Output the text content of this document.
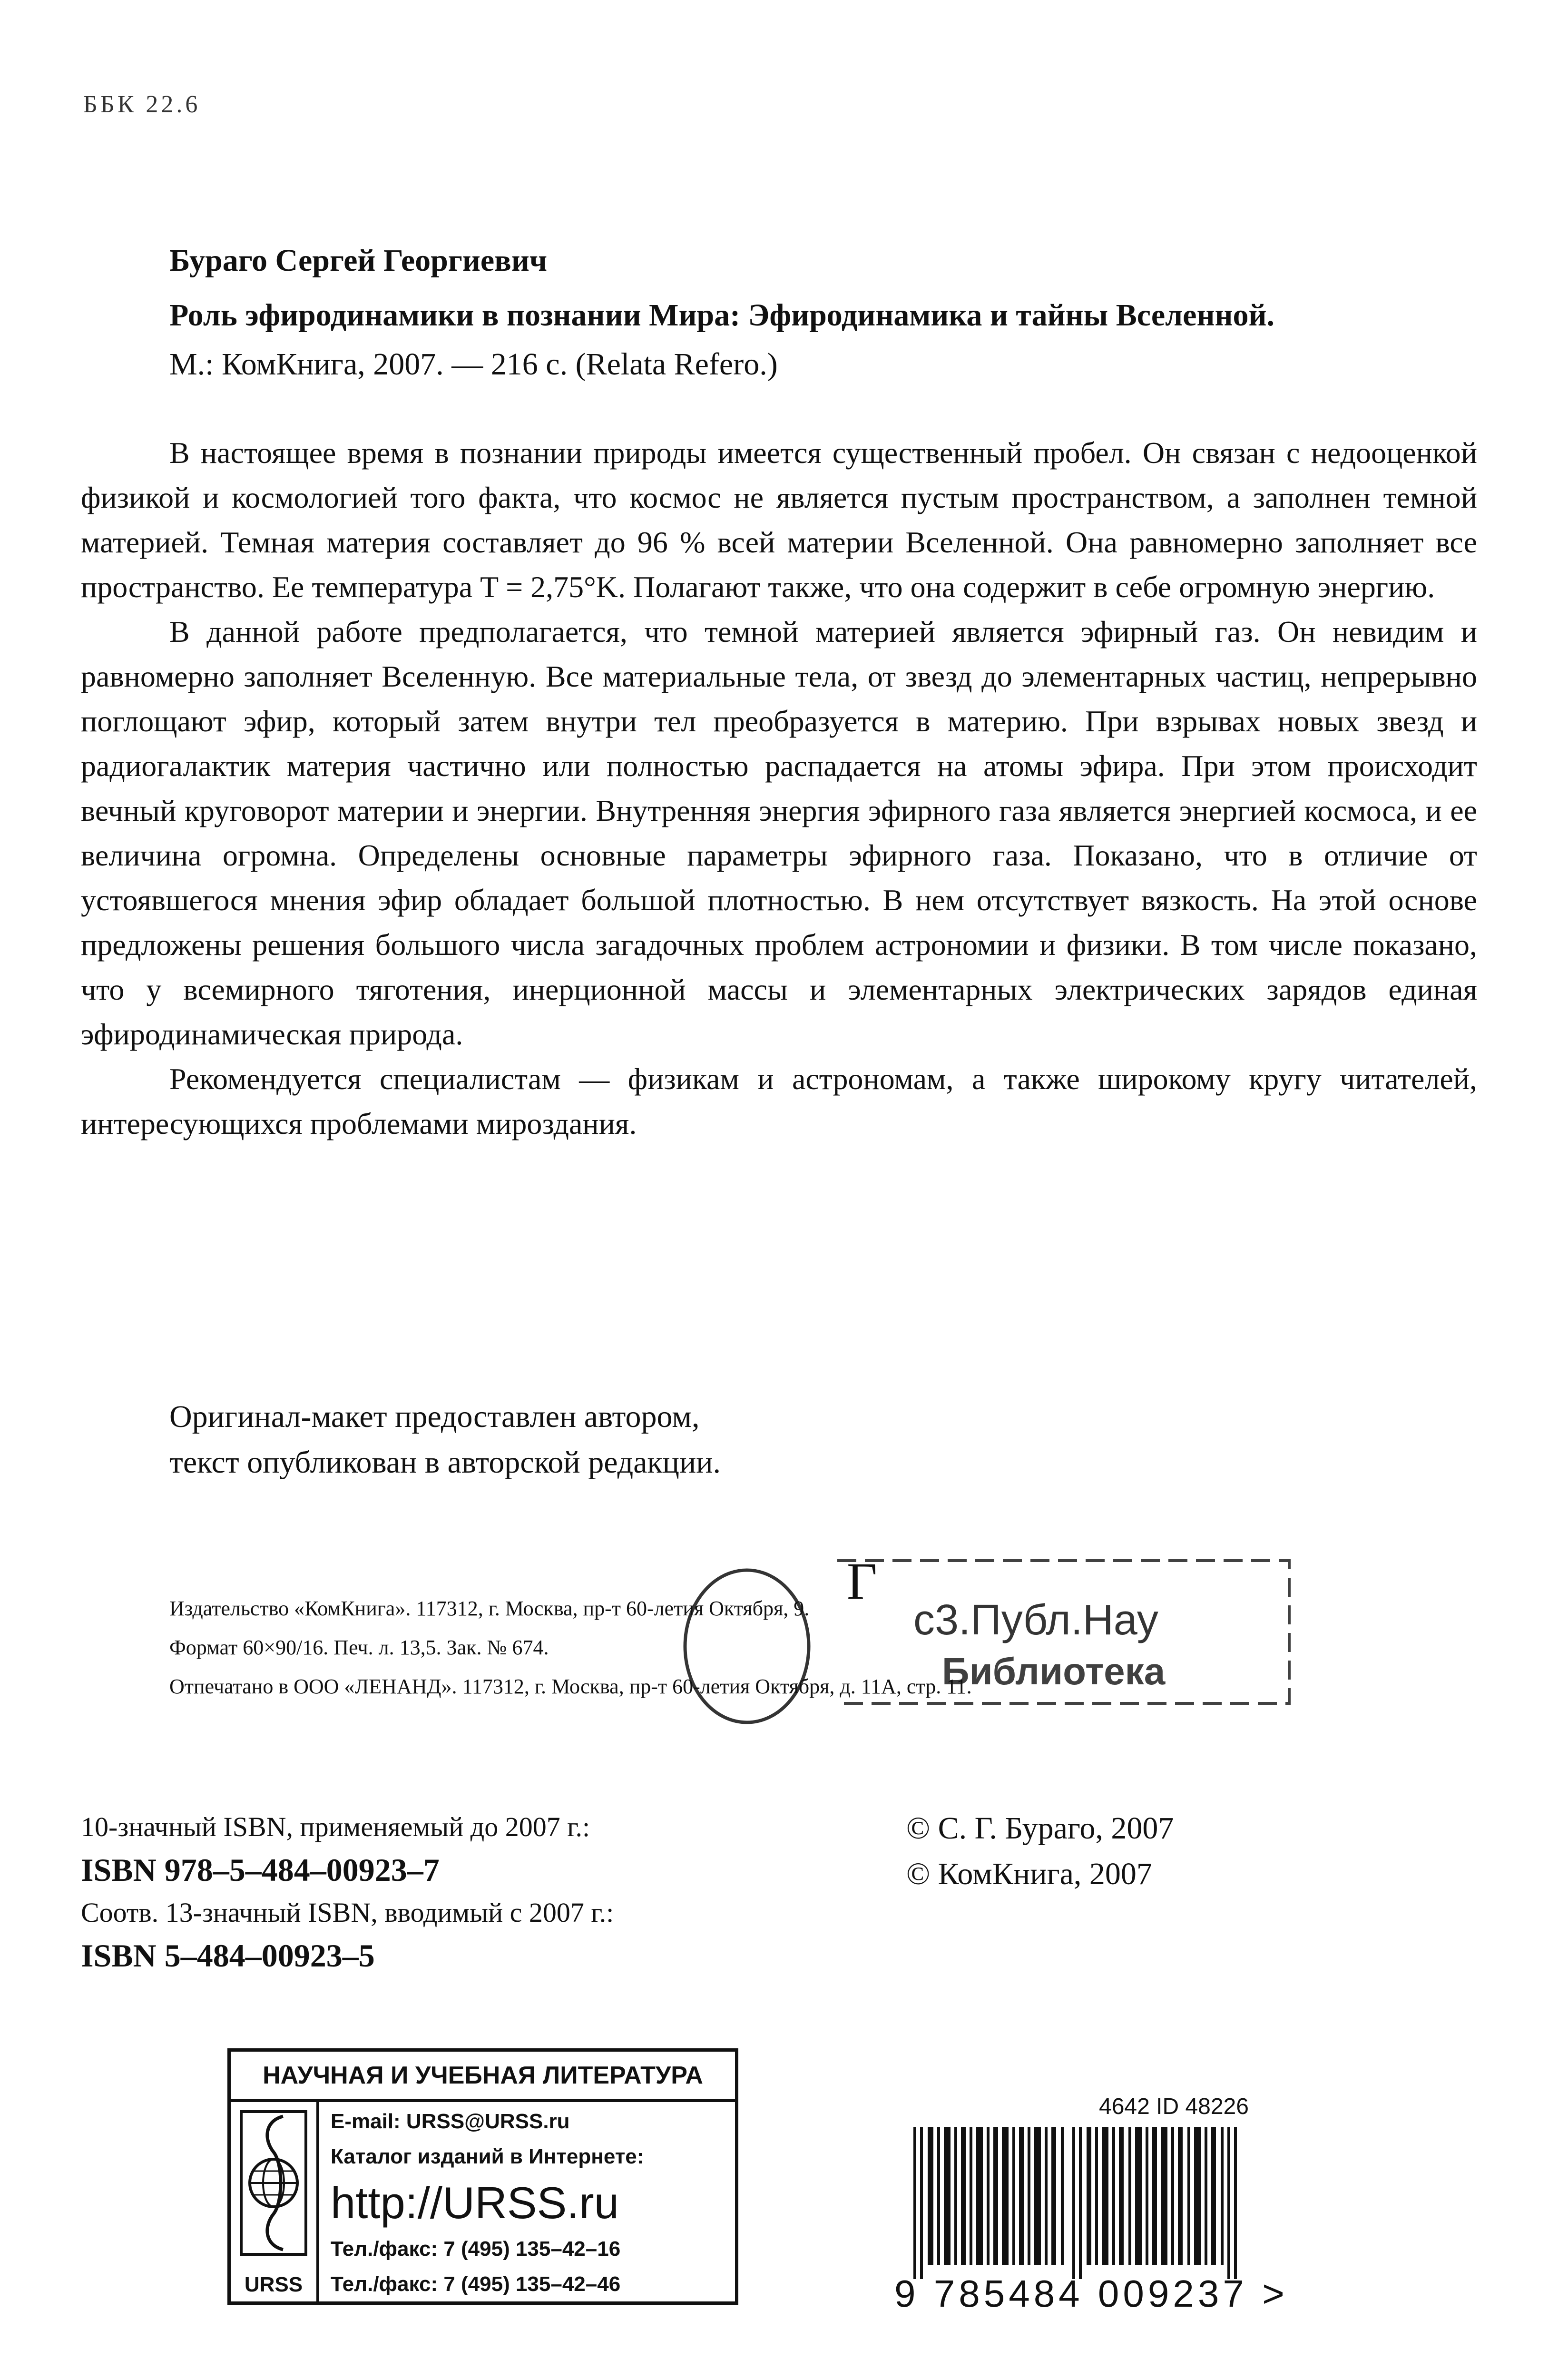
ББК 22.6
Бураго Сергей Георгиевич
Роль эфиродинамики в познании Мира: Эфиродинамика и тайны Вселенной.
М.: КомКнига, 2007. — 216 с. (Relata Refero.)

В настоящее время в познании природы имеется существенный пробел. Он связан с недооценкой физикой и космологией того факта, что космос не является пустым пространством, а заполнен темной материей. Темная материя составляет до 96 % всей материи Вселенной. Она равномерно заполняет все пространство. Ее температура T = 2,75°K. Полагают также, что она содержит в себе огромную энергию.

В данной работе предполагается, что темной материей является эфирный газ. Он невидим и равномерно заполняет Вселенную. Все материальные тела, от звезд до элементарных частиц, непрерывно поглощают эфир, который затем внутри тел преобразуется в материю. При взрывах новых звезд и радиогалактик материя частично или полностью распадается на атомы эфира. При этом происходит вечный круговорот материи и энергии. Внутренняя энергия эфирного газа является энергией космоса, и ее величина огромна. Определены основные параметры эфирного газа. Показано, что в отличие от устоявшегося мнения эфир обладает большой плотностью. В нем отсутствует вязкость. На этой основе предложены решения большого числа загадочных проблем астрономии и физики. В том числе показано, что у всемирного тяготения, инерционной массы и элементарных электрических зарядов единая эфиродинамическая природа.

Рекомендуется специалистам — физикам и астрономам, а также широкому кругу читателей, интересующихся проблемами мироздания.

Оригинал-макет предоставлен автором,
текст опубликован в авторской редакции.
Издательство «КомКнига». 117312, г. Москва, пр-т 60-летия Октября, 9.
Формат 60×90/16. Печ. л. 13,5. Зак. № 674.
Отпечатано в ООО «ЛЕНАНД». 117312, г. Москва, пр-т 60-летия Октября, д. 11А, стр. 11.
Г
с3.Публ.Нау
Библиотека
10-значный ISBN, применяемый до 2007 г.:
ISBN 978–5–484–00923–7
Соотв. 13-значный ISBN, вводимый с 2007 г.:
ISBN 5–484–00923–5
© С. Г. Бураго, 2007
© КомКнига, 2007
НАУЧНАЯ И УЧЕБНАЯ ЛИТЕРАТУРА
URSS
E-mail: URSS@URSS.ru
Каталог изданий в Интернете:
http://URSS.ru
Тел./факс: 7 (495) 135–42–16
Тел./факс: 7 (495) 135–42–46
4642 ID 48226
9 785484 009237 >
